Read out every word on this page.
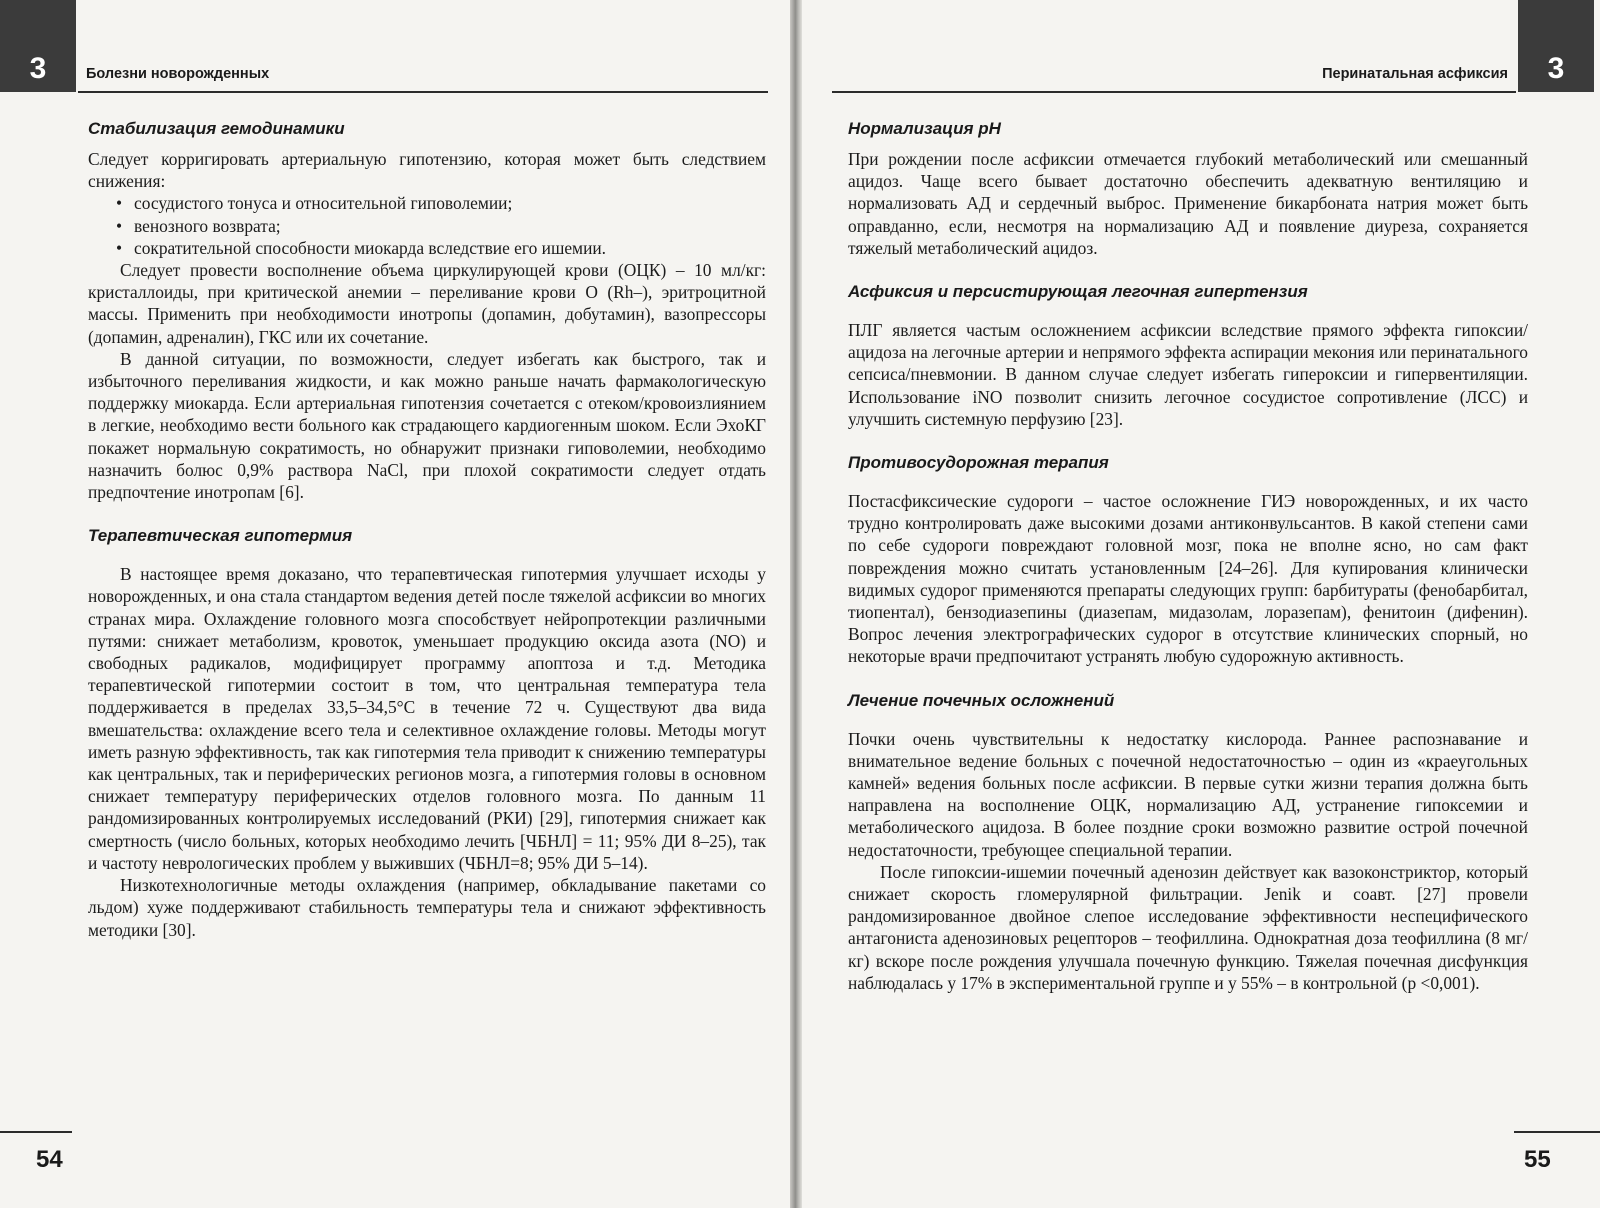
3	Болезни новорожденных
Стабилизация гемодинамики

Следует корригировать артериальную гипотензию, которая может быть следствием снижения:

• сосудистого тонуса и относительной гиповолемии;
• венозного возврата;
• сократительной способности миокарда вследствие его ишемии.

Следует провести восполнение объема циркулирующей крови (ОЦК) – 10 мл/кг: кристаллоиды, при критической анемии – переливание крови O (Rh–), эритроцитной массы. Применить при необходимости инотропы (допамин, добутамин), вазопрессоры (допамин, адреналин), ГКС или их сочетание.

В данной ситуации, по возможности, следует избегать как быстрого, так и избыточного переливания жидкости, и как можно раньше начать фармакологическую поддержку миокарда. Если артериальная гипотензия сочетается с отеком/кровоизлиянием в легкие, необходимо вести больного как страдающего кардиогенным шоком. Если ЭхоКГ покажет нормальную сократимость, но обнаружит признаки гиповолемии, необходимо назначить болюс 0,9% раствора NaCl, при плохой сократимости следует отдать предпочтение инотропам [6].

Терапевтическая гипотермия

В настоящее время доказано, что терапевтическая гипотермия улучшает исходы у новорожденных, и она стала стандартом ведения детей после тяжелой асфиксии во многих странах мира. Охлаждение головного мозга способствует нейропротекции различными путями: снижает метаболизм, кровоток, уменьшает продукцию оксида азота (NO) и свободных радикалов, модифицирует программу апоптоза и т.д. Методика терапевтической гипотермии состоит в том, что центральная температура тела поддерживается в пределах 33,5–34,5°С в течение 72 ч. Существуют два вида вмешательства: охлаждение всего тела и селективное охлаждение головы. Методы могут иметь разную эффективность, так как гипотермия тела приводит к снижению температуры как центральных, так и периферических регионов мозга, а гипотермия головы в основном снижает температуру периферических отделов головного мозга. По данным 11 рандомизированных контролируемых исследований (РКИ) [29], гипотермия снижает как смертность (число больных, которых необходимо лечить [ЧБНЛ] = 11; 95% ДИ 8–25), так и частоту неврологических проблем у выживших (ЧБНЛ=8; 95% ДИ 5–14).

Низкотехнологичные методы охлаждения (например, обкладывание пакетами со льдом) хуже поддерживают стабильность температуры тела и снижают эффективность методики [30].

54
3
Перинатальная асфиксия
Нормализация рН

При рождении после асфиксии отмечается глубокий метаболический или смешанный ацидоз. Чаще всего бывает достаточно обеспечить адекватную вентиляцию и нормализовать АД и сердечный выброс. Применение бикарбоната натрия может быть оправданно, если, несмотря на нормализацию АД и появление диуреза, сохраняется тяжелый метаболический ацидоз.

Асфиксия и персистирующая легочная гипертензия

ПЛГ является частым осложнением асфиксии вследствие прямого эффекта гипоксии/ацидоза на легочные артерии и непрямого эффекта аспирации мекония или перинатального сепсиса/пневмонии. В данном случае следует избегать гипероксии и гипервентиляции. Использование iNO позволит снизить легочное сосудистое сопротивление (ЛСС) и улучшить системную перфузию [23].

Противосудорожная терапия

Постасфиксические судороги – частое осложнение ГИЭ новорожденных, и их часто трудно контролировать даже высокими дозами антиконвульсантов. В какой степени сами по себе судороги повреждают головной мозг, пока не вполне ясно, но сам факт повреждения можно считать установленным [24–26]. Для купирования клинически видимых судорог применяются препараты следующих групп: барбитураты (фенобарбитал, тиопентал), бензодиазепины (диазепам, мидазолам, лоразепам), фенитоин (дифенин). Вопрос лечения электрографических судорог в отсутствие клинических спорный, но некоторые врачи предпочитают устранять любую судорожную активность.

Лечение почечных осложнений

Почки очень чувствительны к недостатку кислорода. Раннее распознавание и внимательное ведение больных с почечной недостаточностью – один из «краеугольных камней» ведения больных после асфиксии. В первые сутки жизни терапия должна быть направлена на восполнение ОЦК, нормализацию АД, устранение гипоксемии и метаболического ацидоза. В более поздние сроки возможно развитие острой почечной недостаточности, требующее специальной терапии.

После гипоксии-ишемии почечный аденозин действует как вазоконстриктор, который снижает скорость гломерулярной фильтрации. Jenik и соавт. [27] провели рандомизированное двойное слепое исследование эффективности неспецифического антагониста аденозиновых рецепторов – теофиллина. Однократная доза теофиллина (8 мг/кг) вскоре после рождения улучшала почечную функцию. Тяжелая почечная дисфункция наблюдалась у 17% в экспериментальной группе и у 55% – в контрольной (р <0,001).

55
